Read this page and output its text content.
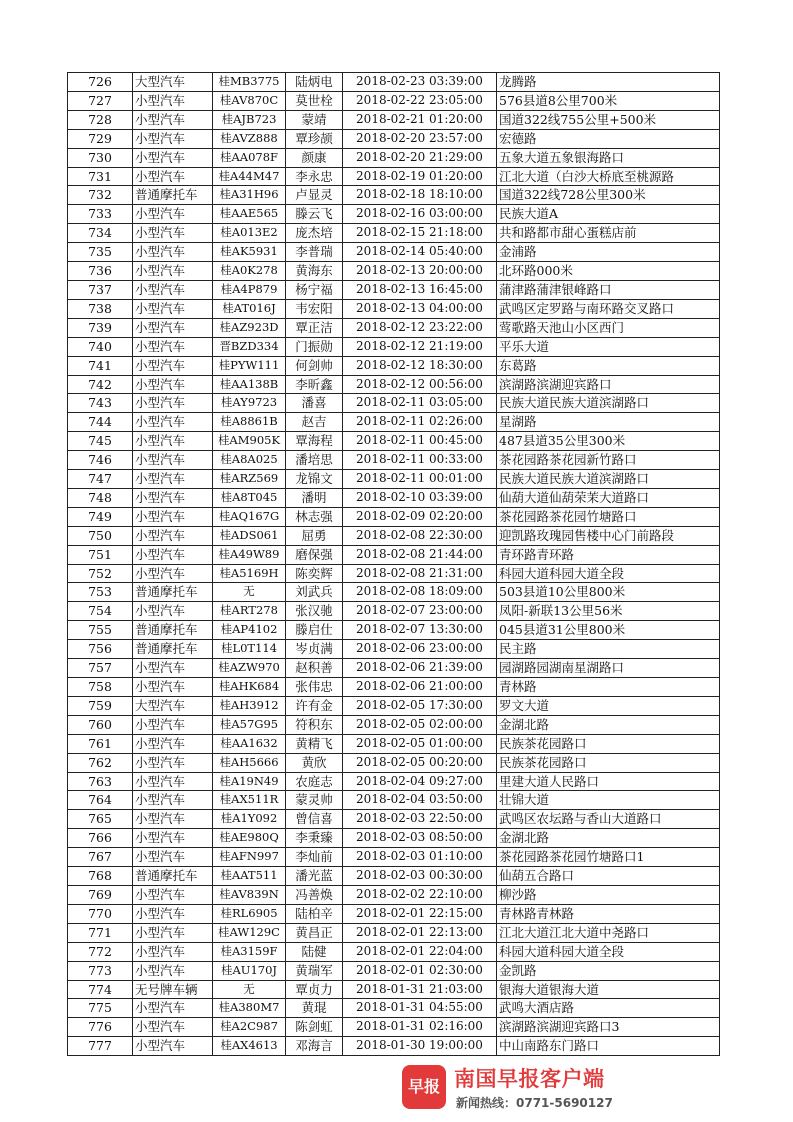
726	大型汽车	桂MB3775	陆炳电	2018-02-23 03:39:00	龙腾路
727	小型汽车	桂AV870C	莫世栓	2018-02-22 23:05:00	576县道8公里700米
728	小型汽车	桂AJB723	蒙靖	2018-02-21 01:20:00	国道322线755公里+500米
729	小型汽车	桂AVZ888	覃珍颉	2018-02-20 23:57:00	宏德路
730	小型汽车	桂AA078F	颜康	2018-02-20 21:29:00	五象大道五象银海路口
731	小型汽车	桂A44M47	李永忠	2018-02-19 01:20:00	江北大道（白沙大桥底至桃源路
732	普通摩托车	桂A31H96	卢显灵	2018-02-18 18:10:00	国道322线728公里300米
733	小型汽车	桂AAE565	滕云飞	2018-02-16 03:00:00	民族大道A
734	小型汽车	桂A013E2	庞杰培	2018-02-15 21:18:00	共和路都市甜心蛋糕店前
735	小型汽车	桂AK5931	李普瑞	2018-02-14 05:40:00	金浦路
736	小型汽车	桂A0K278	黄海东	2018-02-13 20:00:00	北环路000米
737	小型汽车	桂A4P879	杨宁福	2018-02-13 16:45:00	蒲津路蒲津银峰路口
738	小型汽车	桂AT016J	韦宏阳	2018-02-13 04:00:00	武鸣区定罗路与南环路交叉路口
739	小型汽车	桂AZ923D	覃正洁	2018-02-12 23:22:00	莺歌路天池山小区西门
740	小型汽车	晋BZD334	门振勋	2018-02-12 21:19:00	平乐大道
741	小型汽车	桂PYW111	何剑帅	2018-02-12 18:30:00	东葛路
742	小型汽车	桂AA138B	李昕鑫	2018-02-12 00:56:00	滨湖路滨湖迎宾路口
743	小型汽车	桂AY9723	潘喜	2018-02-11 03:05:00	民族大道民族大道滨湖路口
744	小型汽车	桂A8861B	赵吉	2018-02-11 02:26:00	星湖路
745	小型汽车	桂AM905K	覃海程	2018-02-11 00:45:00	487县道35公里300米
746	小型汽车	桂A8A025	潘培思	2018-02-11 00:33:00	茶花园路茶花园新竹路口
747	小型汽车	桂ARZ569	龙锦文	2018-02-11 00:01:00	民族大道民族大道滨湖路口
748	小型汽车	桂A8T045	潘明	2018-02-10 03:39:00	仙葫大道仙葫荣茉大道路口
749	小型汽车	桂AQ167G	林志强	2018-02-09 02:20:00	茶花园路茶花园竹塘路口
750	小型汽车	桂ADS061	屈勇	2018-02-08 22:30:00	迎凯路玫瑰园售楼中心门前路段
751	小型汽车	桂A49W89	磨保强	2018-02-08 21:44:00	青环路青环路
752	小型汽车	桂A5169H	陈奕辉	2018-02-08 21:31:00	科园大道科园大道全段
753	普通摩托车	无	刘武兵	2018-02-08 18:09:00	503县道10公里800米
754	小型汽车	桂ART278	张汉驰	2018-02-07 23:00:00	凤阳-新联13公里56米
755	普通摩托车	桂AP4102	滕启仕	2018-02-07 13:30:00	045县道31公里800米
756	普通摩托车	桂L0T114	岑贞满	2018-02-06 23:00:00	民主路
757	小型汽车	桂AZW970	赵积善	2018-02-06 21:39:00	园湖路园湖南星湖路口
758	小型汽车	桂AHK684	张伟忠	2018-02-06 21:00:00	青林路
759	大型汽车	桂AH3912	许有金	2018-02-05 17:30:00	罗文大道
760	小型汽车	桂A57G95	符积东	2018-02-05 02:00:00	金湖北路
761	小型汽车	桂AA1632	黄精飞	2018-02-05 01:00:00	民族茶花园路口
762	小型汽车	桂AH5666	黄欣	2018-02-05 00:20:00	民族茶花园路口
763	小型汽车	桂A19N49	农庭志	2018-02-04 09:27:00	里建大道人民路口
764	小型汽车	桂AX511R	蒙灵帅	2018-02-04 03:50:00	壮锦大道
765	小型汽车	桂A1Y092	曾信喜	2018-02-03 22:50:00	武鸣区农坛路与香山大道路口
766	小型汽车	桂AE980Q	李秉臻	2018-02-03 08:50:00	金湖北路
767	小型汽车	桂AFN997	李灿前	2018-02-03 01:10:00	茶花园路茶花园竹塘路口1
768	普通摩托车	桂AAT511	潘光蓝	2018-02-03 00:30:00	仙葫五合路口
769	小型汽车	桂AV839N	冯善焕	2018-02-02 22:10:00	柳沙路
770	小型汽车	桂RL6905	陆柏辛	2018-02-01 22:15:00	青林路青林路
771	小型汽车	桂AW129C	黄昌正	2018-02-01 22:13:00	江北大道江北大道中尧路口
772	小型汽车	桂A3159F	陆健	2018-02-01 22:04:00	科园大道科园大道全段
773	小型汽车	桂AU170J	黄瑞军	2018-02-01 02:30:00	金凯路
774	无号牌车辆	无	覃贞力	2018-01-31 21:03:00	银海大道银海大道
775	小型汽车	桂A380M7	黄琨	2018-01-31 04:55:00	武鸣大酒店路
776	小型汽车	桂A2C987	陈剑虹	2018-01-31 02:16:00	滨湖路滨湖迎宾路口3
777	小型汽车	桂AX4613	邓海言	2018-01-30 19:00:00	中山南路东门路口
早报 南国早报客户端
新闻热线：0771-5690127
